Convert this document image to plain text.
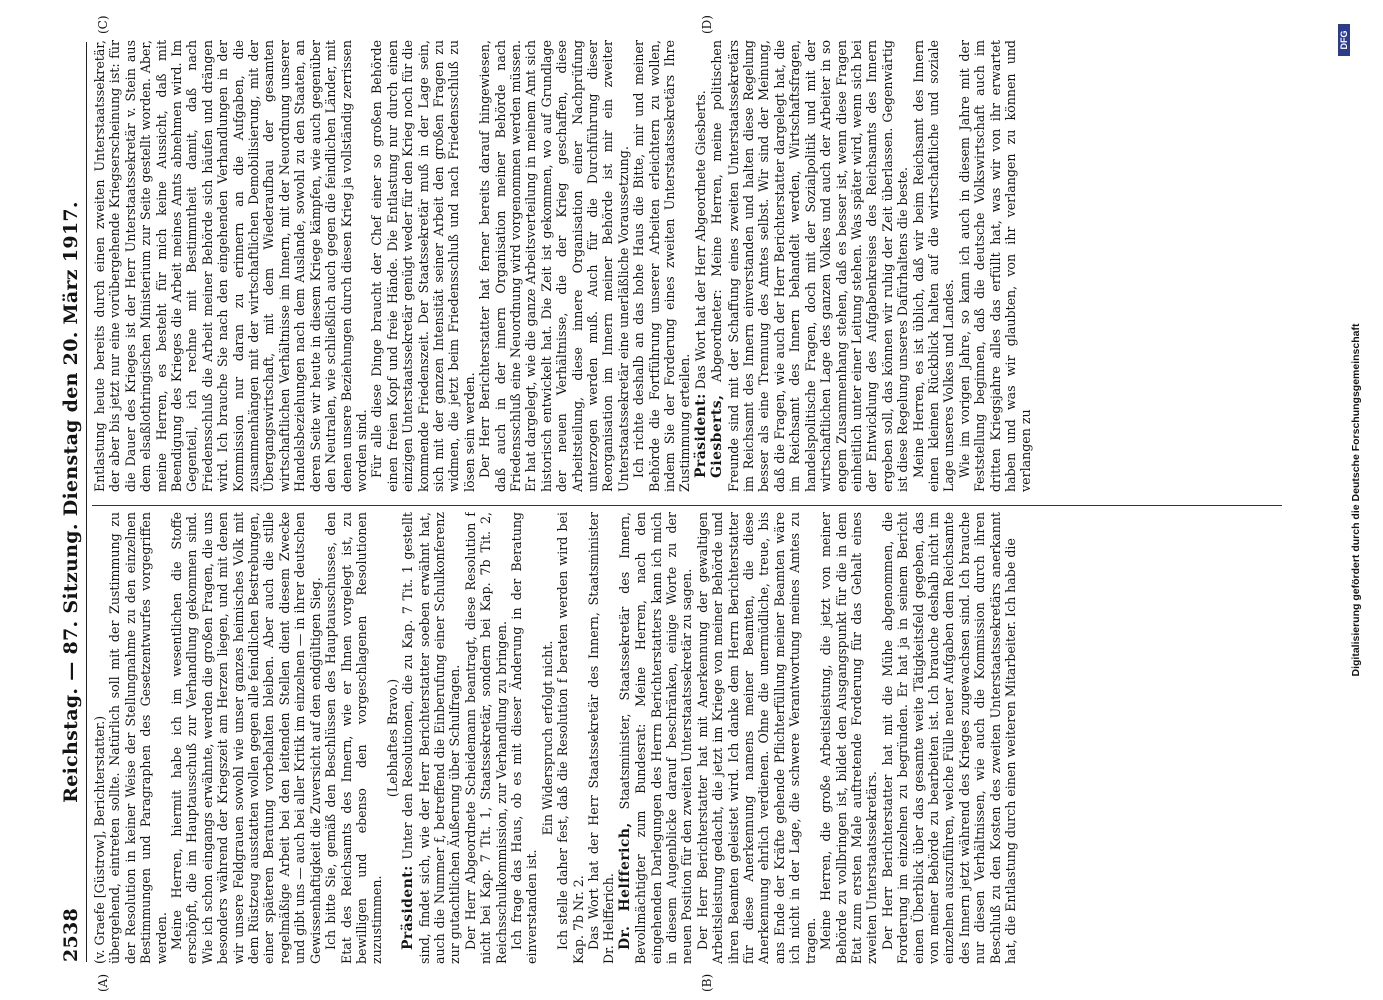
2538
Reichstag. — 87. Sitzung. Dienstag den 20. März 1917.
(A)	(B)
(C)	(D)

(v. Graefe [Güstrow], Berichterstatter.) übergehend, eintreten sollte. Natürlich soll mit der Zustimmung zu der Resolution in keiner Weise der Stellungnahme zu den einzelnen Bestimmungen und Paragraphen des Gesetzentwurfes vorgegriffen werden. Meine Herren, hiermit habe ich im wesentlichen die Stoffe erschöpft, die im Hauptausschuß zur Verhandlung gekommen sind. Wie ich schon eingangs erwähnte, werden die großen Fragen, die uns besonders während der Kriegszeit am Herzen liegen, und mit denen wir unsere Feldgrauen sowohl wie unser ganzes heimisches Volk mit dem Rüstzeug ausstatten wollen gegen alle feindlichen Bestrebungen, einer späteren Beratung vorbehalten bleiben. Aber auch die stille regelmäßige Arbeit bei den leitenden Stellen dient diesem Zwecke und gibt uns — auch bei aller Kritik im einzelnen — in ihrer deutschen Gewissenhaftigkeit die Zuversicht auf den endgültigen Sieg. Ich bitte Sie, gemäß den Beschlüssen des Hauptausschusses, den Etat des Reichsamts des Innern, wie er Ihnen vorgelegt ist, zu bewilligen und ebenso den vorgeschlagenen Resolutionen zuzustimmen.

(Lebhaftes Bravo.)

Präsident: Unter den Resolutionen, die zu Kap. 7 Tit. 1 gestellt sind, findet sich, wie der Herr Berichterstatter soeben erwähnt hat, auch die Nummer f, betreffend die Einberufung einer Schulkonferenz zur gutachtlichen Äußerung über Schulfragen. Der Herr Abgeordnete Scheidemann beantragt, diese Resolution f nicht bei Kap. 7 Tit. 1, Staatssekretär, sondern bei Kap. 7b Tit. 2, Reichsschulkommission, zur Verhandlung zu bringen. Ich frage das Haus, ob es mit dieser Änderung in der Beratung einverstanden ist.

Ein Widerspruch erfolgt nicht. Ich stelle daher fest, daß die Resolution f beraten werden wird bei Kap. 7b Nr. 2. Das Wort hat der Herr Staatssekretär des Innern, Staatsminister Dr. Helfferich. Dr. Helfferich, Staatsminister, Staatssekretär des Innern, Bevollmächtigter zum Bundesrat: Meine Herren, nach den eingehenden Darlegungen des Herrn Berichterstatters kann ich mich in diesem Augenblicke darauf beschränken, einige Worte zu der neuen Position für den zweiten Unterstaatssekretär zu sagen. Der Herr Berichterstatter hat mit Anerkennung der gewaltigen Arbeitsleistung gedacht, die jetzt im Kriege von meiner Behörde und ihren Beamten geleistet wird. Ich danke dem Herrn Berichterstatter für diese Anerkennung namens meiner Beamten, die diese Anerkennung ehrlich verdienen. Ohne die unermüdliche, treue, bis ans Ende der Kräfte gehende Pflichterfüllung meiner Beamten wäre ich nicht in der Lage, die schwere Verantwortung meines Amtes zu tragen. Meine Herren, die große Arbeitsleistung, die jetzt von meiner Behörde zu vollbringen ist, bildet den Ausgangspunkt für die in dem Etat zum ersten Male auftretende Forderung für das Gehalt eines zweiten Unterstaatssekretärs. Der Herr Berichterstatter hat mit die Mühe abgenommen, die Forderung im einzelnen zu begründen. Er hat ja in seinem Bericht einen Überblick über das gesamte weite Tätigkeitsfeld gegeben, das von meiner Behörde zu bearbeiten ist. Ich brauche deshalb nicht im einzelnen auszuführen, welche Fülle neuer Aufgaben dem Reichsamte des Innern jetzt während des Krieges zugewachsen sind. Ich brauche nur diesen Verhältnissen, wie auch die Kommission durch ihren Beschluß zu den Kosten des zweiten Unterstaatssekretärs anerkannt hat, die Entlastung durch einen weiteren Mitarbeiter. Ich habe die

Entlastung heute bereits durch einen zweiten Unterstaatssekretär, der aber bis jetzt nur eine vorübergehende Kriegserscheinung ist: für die Dauer des Krieges ist der Herr Unterstaatssekretär v. Stein aus dem elsaßlothringischen Ministerium zur Seite gestellt worden. Aber, meine Herren, es besteht für mich keine Aussicht, daß mit Beendigung des Krieges die Arbeit meines Amts abnehmen wird. Im Gegenteil, ich rechne mit Bestimmtheit damit, daß nach Friedensschluß die Arbeit meiner Behörde sich häufen und drängen wird. Ich brauche Sie nach den eingehenden Verhandlungen in der Kommission nur daran zu erinnern an die Aufgaben, die zusammenhängen mit der wirtschaftlichen Demobilisierung, mit der Übergangswirtschaft, mit dem Wiederaufbau der gesamten wirtschaftlichen Verhältnisse im Innern, mit der Neuordnung unserer Handelsbeziehungen nach dem Auslande, sowohl zu den Staaten, an deren Seite wir heute in diesem Kriege kämpfen, wie auch gegenüber den Neutralen, wie schließlich auch gegen die feindlichen Länder, mit denen unsere Beziehungen durch diesen Krieg ja vollständig zerrissen worden sind. Für alle diese Dinge braucht der Chef einer so großen Behörde einen freien Kopf und freie Hände. Die Entlastung nur durch einen einzigen Unterstaatssekretär genügt weder für den Krieg noch für die kommende Friedenszeit. Der Staatssekretär muß in der Lage sein, sich mit der ganzen Intensität seiner Arbeit den großen Fragen zu widmen, die jetzt beim Friedensschluß und nach Friedensschluß zu lösen sein werden. Der Herr Berichterstatter hat ferner bereits darauf hingewiesen, daß auch in der innern Organisation meiner Behörde nach Friedensschluß eine Neuordnung wird vorgenommen werden müssen. Er hat dargelegt, wie die ganze Arbeitsverteilung in meinem Amt sich historisch entwickelt hat. Die Zeit ist gekommen, wo auf Grundlage der neuen Verhältnisse, die der Krieg geschaffen, diese Arbeitsteilung, diese innere Organisation einer Nachprüfung unterzogen werden muß. Auch für die Durchführung dieser Reorganisation im Innern meiner Behörde ist mir ein zweiter Unterstaatssekretär eine unerläßliche Voraussetzung. Ich richte deshalb an das hohe Haus die Bitte, mir und meiner Behörde die Fortführung unserer Arbeiten erleichtern zu wollen, indem Sie der Forderung eines zweiten Unterstaatssekretärs Ihre Zustimmung erteilen. Präsident: Das Wort hat der Herr Abgeordnete Giesberts.

Giesberts, Abgeordneter: Meine Herren, meine politischen Freunde sind mit der Schaffung eines zweiten Unterstaatssekretärs im Reichsamt des Innern einverstanden und halten diese Regelung besser als eine Trennung des Amtes selbst. Wir sind der Meinung, daß die Fragen, wie auch der Herr Berichterstatter dargelegt hat, die im Reichsamt des Innern behandelt werden, Wirtschaftsfragen, handelspolitische Fragen, doch mit der Sozialpolitik und mit der wirtschaftlichen Lage des ganzen Volkes und auch der Arbeiter in so engem Zusammenhang stehen, daß es besser ist, wenn diese Fragen einheitlich unter einer Leitung stehen. Was später wird, wenn sich bei der Entwicklung des Aufgabenkreises des Reichsamts des Innern ergeben soll, das können wir ruhig der Zeit überlassen. Gegenwärtig ist diese Regelung unseres Dafürhaltens die beste. Meine Herren, es ist üblich, daß wir beim Reichsamt des Innern einen kleinen Rückblick halten auf die wirtschaftliche und soziale Lage unseres Volkes und Landes. Wie im vorigen Jahre, so kann ich auch in diesem Jahre mit der Feststellung beginnen, daß die deutsche Volkswirtschaft auch im dritten Kriegsjahre alles das erfüllt hat, was wir von ihr erwartet haben und was wir glaubten, von ihr verlangen zu können und verlangen zu	Digitalisierung gefördert durch die Deutsche Forschungsgemeinschaft
DFG
